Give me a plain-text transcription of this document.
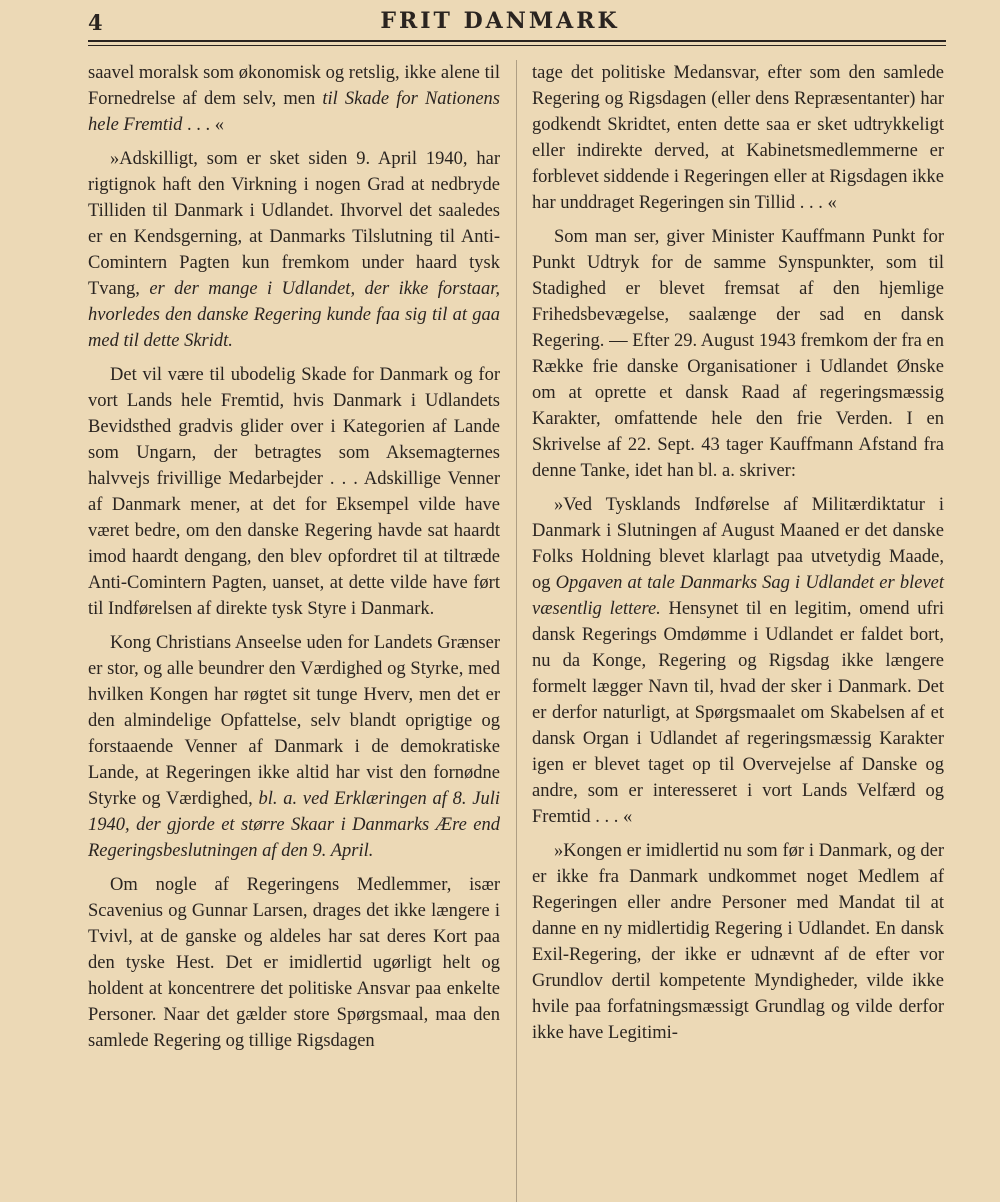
4	FRIT DANMARK

saavel moralsk som økonomisk og retslig, ikke alene til Fornedrelse af dem selv, men til Skade for Nationens hele Fremtid . . . «

»Adskilligt, som er sket siden 9. April 1940, har rigtignok haft den Virkning i nogen Grad at nedbryde Tilliden til Danmark i Udlandet. Ihvorvel det saaledes er en Kendsgerning, at Danmarks Tilslutning til Anti-Comintern Pagten kun fremkom under haard tysk Tvang, er der mange i Udlandet, der ikke forstaar, hvorledes den danske Regering kunde faa sig til at gaa med til dette Skridt.

Det vil være til ubodelig Skade for Danmark og for vort Lands hele Fremtid, hvis Danmark i Udlandets Bevidsthed gradvis glider over i Kategorien af Lande som Ungarn, der betragtes som Aksemagternes halvvejs frivillige Medarbejder . . . Adskillige Venner af Danmark mener, at det for Eksempel vilde have været bedre, om den danske Regering havde sat haardt imod haardt dengang, den blev opfordret til at tiltræde Anti-Comintern Pagten, uanset, at dette vilde have ført til Indførelsen af direkte tysk Styre i Danmark.

Kong Christians Anseelse uden for Landets Grænser er stor, og alle beundrer den Værdighed og Styrke, med hvilken Kongen har røgtet sit tunge Hverv, men det er den almindelige Opfattelse, selv blandt oprigtige og forstaaende Venner af Danmark i de demokratiske Lande, at Regeringen ikke altid har vist den fornødne Styrke og Værdighed, bl. a. ved Erklæringen af 8. Juli 1940, der gjorde et større Skaar i Danmarks Ære end Regeringsbeslutningen af den 9. April.

Om nogle af Regeringens Medlemmer, især Scavenius og Gunnar Larsen, drages det ikke længere i Tvivl, at de ganske og aldeles har sat deres Kort paa den tyske Hest. Det er imidlertid ugørligt helt og holdent at koncentrere det politiske Ansvar paa enkelte Personer. Naar det gælder store Spørgsmaal, maa den samlede Regering og tillige Rigsdagen

tage det politiske Medansvar, efter som den samlede Regering og Rigsdagen (eller dens Repræsentanter) har godkendt Skridtet, enten dette saa er sket udtrykkeligt eller indirekte derved, at Kabinetsmedlemmerne er forblevet siddende i Regeringen eller at Rigsdagen ikke har unddraget Regeringen sin Tillid . . . «

Som man ser, giver Minister Kauffmann Punkt for Punkt Udtryk for de samme Synspunkter, som til Stadighed er blevet fremsat af den hjemlige Frihedsbevægelse, saalænge der sad en dansk Regering. — Efter 29. August 1943 fremkom der fra en Række frie danske Organisationer i Udlandet Ønske om at oprette et dansk Raad af regeringsmæssig Karakter, omfattende hele den frie Verden. I en Skrivelse af 22. Sept. 43 tager Kauffmann Afstand fra denne Tanke, idet han bl. a. skriver:

»Ved Tysklands Indførelse af Militærdiktatur i Danmark i Slutningen af August Maaned er det danske Folks Holdning blevet klarlagt paa utvetydig Maade, og Opgaven at tale Danmarks Sag i Udlandet er blevet væsentlig lettere. Hensynet til en legitim, omend ufri dansk Regerings Omdømme i Udlandet er faldet bort, nu da Konge, Regering og Rigsdag ikke længere formelt lægger Navn til, hvad der sker i Danmark. Det er derfor naturligt, at Spørgsmaalet om Skabelsen af et dansk Organ i Udlandet af regeringsmæssig Karakter igen er blevet taget op til Overvejelse af Danske og andre, som er interesseret i vort Lands Velfærd og Fremtid . . . «

»Kongen er imidlertid nu som før i Danmark, og der er ikke fra Danmark undkommet noget Medlem af Regeringen eller andre Personer med Mandat til at danne en ny midlertidig Regering i Udlandet. En dansk Exil-Regering, der ikke er udnævnt af de efter vor Grundlov dertil kompetente Myndigheder, vilde ikke hvile paa forfatningsmæssigt Grundlag og vilde derfor ikke have Legitimi-
